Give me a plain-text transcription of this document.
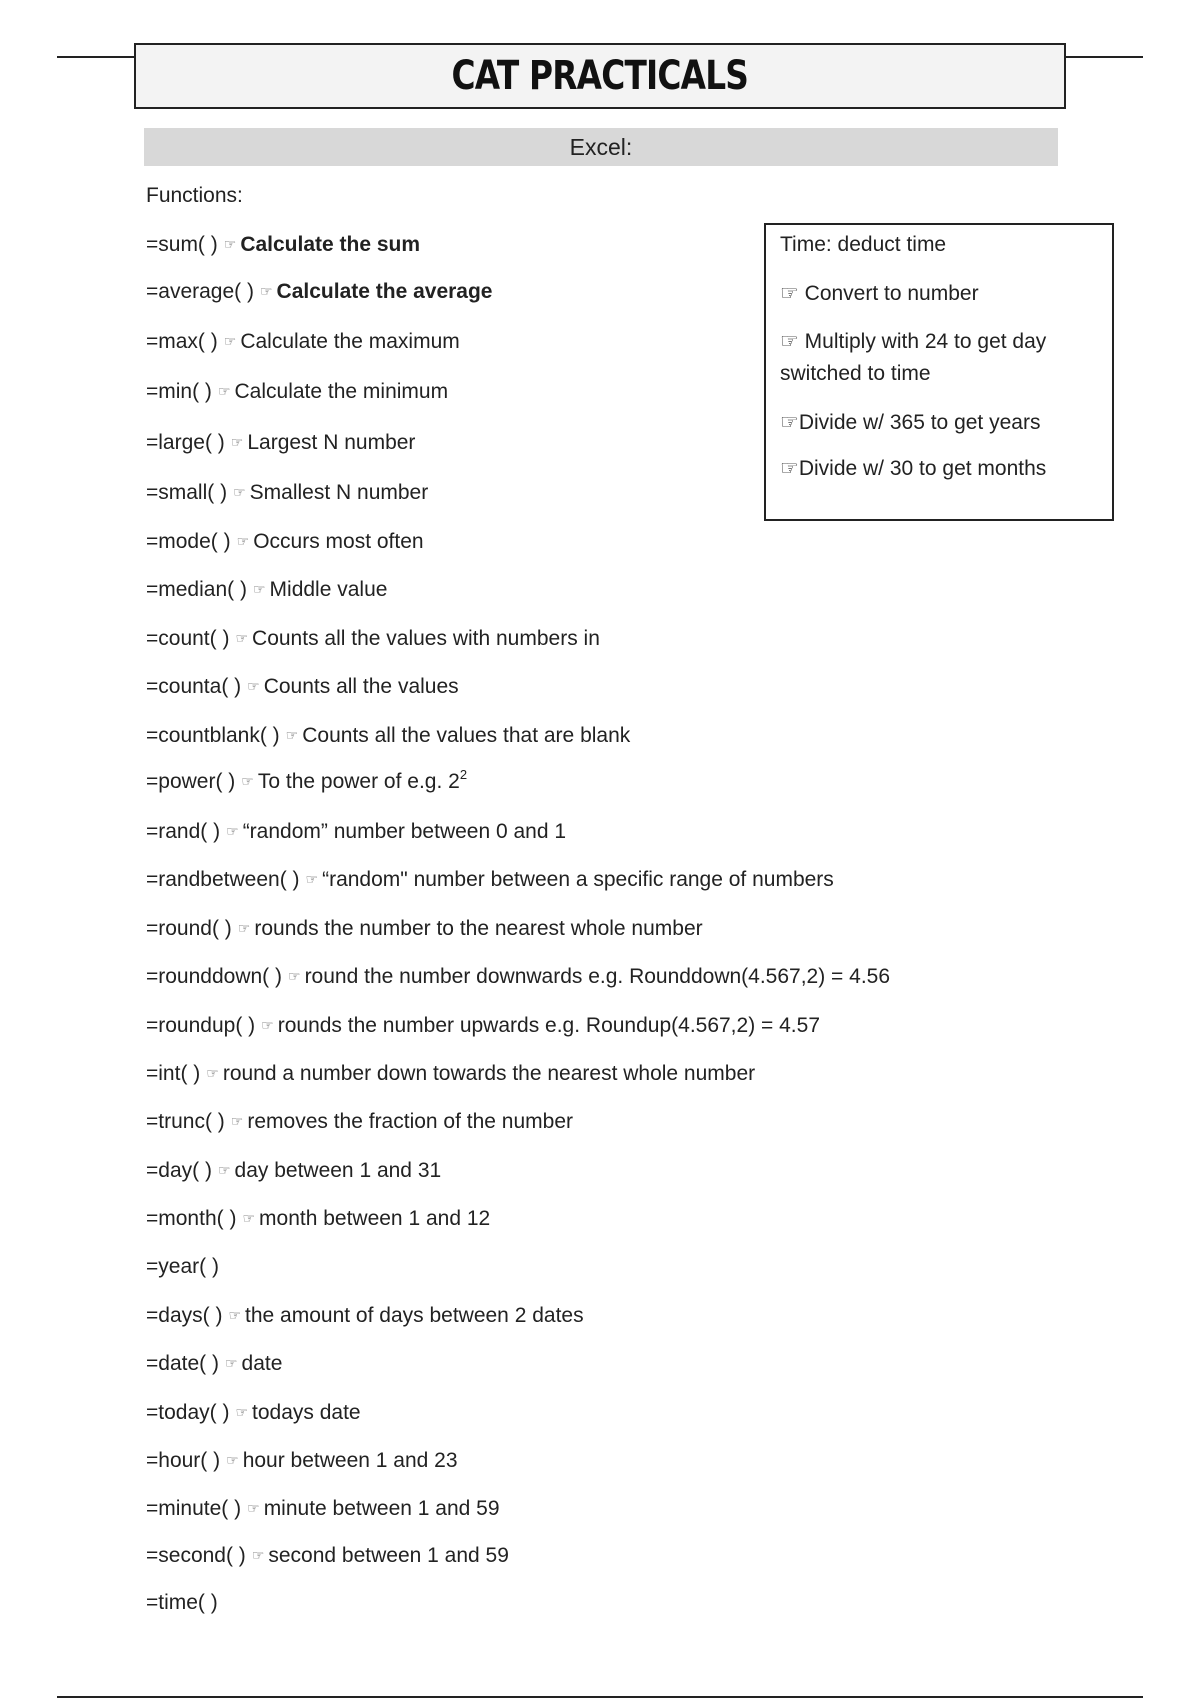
CAT PRACTICALS
Excel:
Functions:
=sum( ) ☞ Calculate the sum
=average( ) ☞ Calculate the average
=max( ) ☞ Calculate the maximum
=min( ) ☞ Calculate the minimum
=large( ) ☞ Largest N number
=small( ) ☞ Smallest N number
=mode( ) ☞ Occurs most often
=median( ) ☞ Middle value
=count( ) ☞ Counts all the values with numbers in
=counta( ) ☞ Counts all the values
=countblank( ) ☞ Counts all the values that are blank
=power( ) ☞ To the power of e.g. $2^2$
=rand( ) ☞ “random” number between 0 and 1
=randbetween( ) ☞ “random" number between a specific range of numbers
=round( ) ☞ rounds the number to the nearest whole number
=rounddown( ) ☞ round the number downwards e.g. Rounddown(4.567,2) = 4.56
=roundup( ) ☞ rounds the number upwards e.g. Roundup(4.567,2) = 4.57
=int( ) ☞ round a number down towards the nearest whole number
=trunc( ) ☞ removes the fraction of the number
=day( ) ☞ day between 1 and 31
=month( ) ☞ month between 1 and 12
=year( )
=days( ) ☞ the amount of days between 2 dates
=date( ) ☞ date
=today( ) ☞ todays date
=hour( ) ☞ hour between 1 and 23
=minute( ) ☞ minute between 1 and 59
=second( ) ☞ second between 1 and 59
=time( )
Time: deduct time
☞ Convert to number
☞ Multiply with 24 to get day
switched to time
☞Divide w/ 365 to get years
☞Divide w/ 30 to get months
